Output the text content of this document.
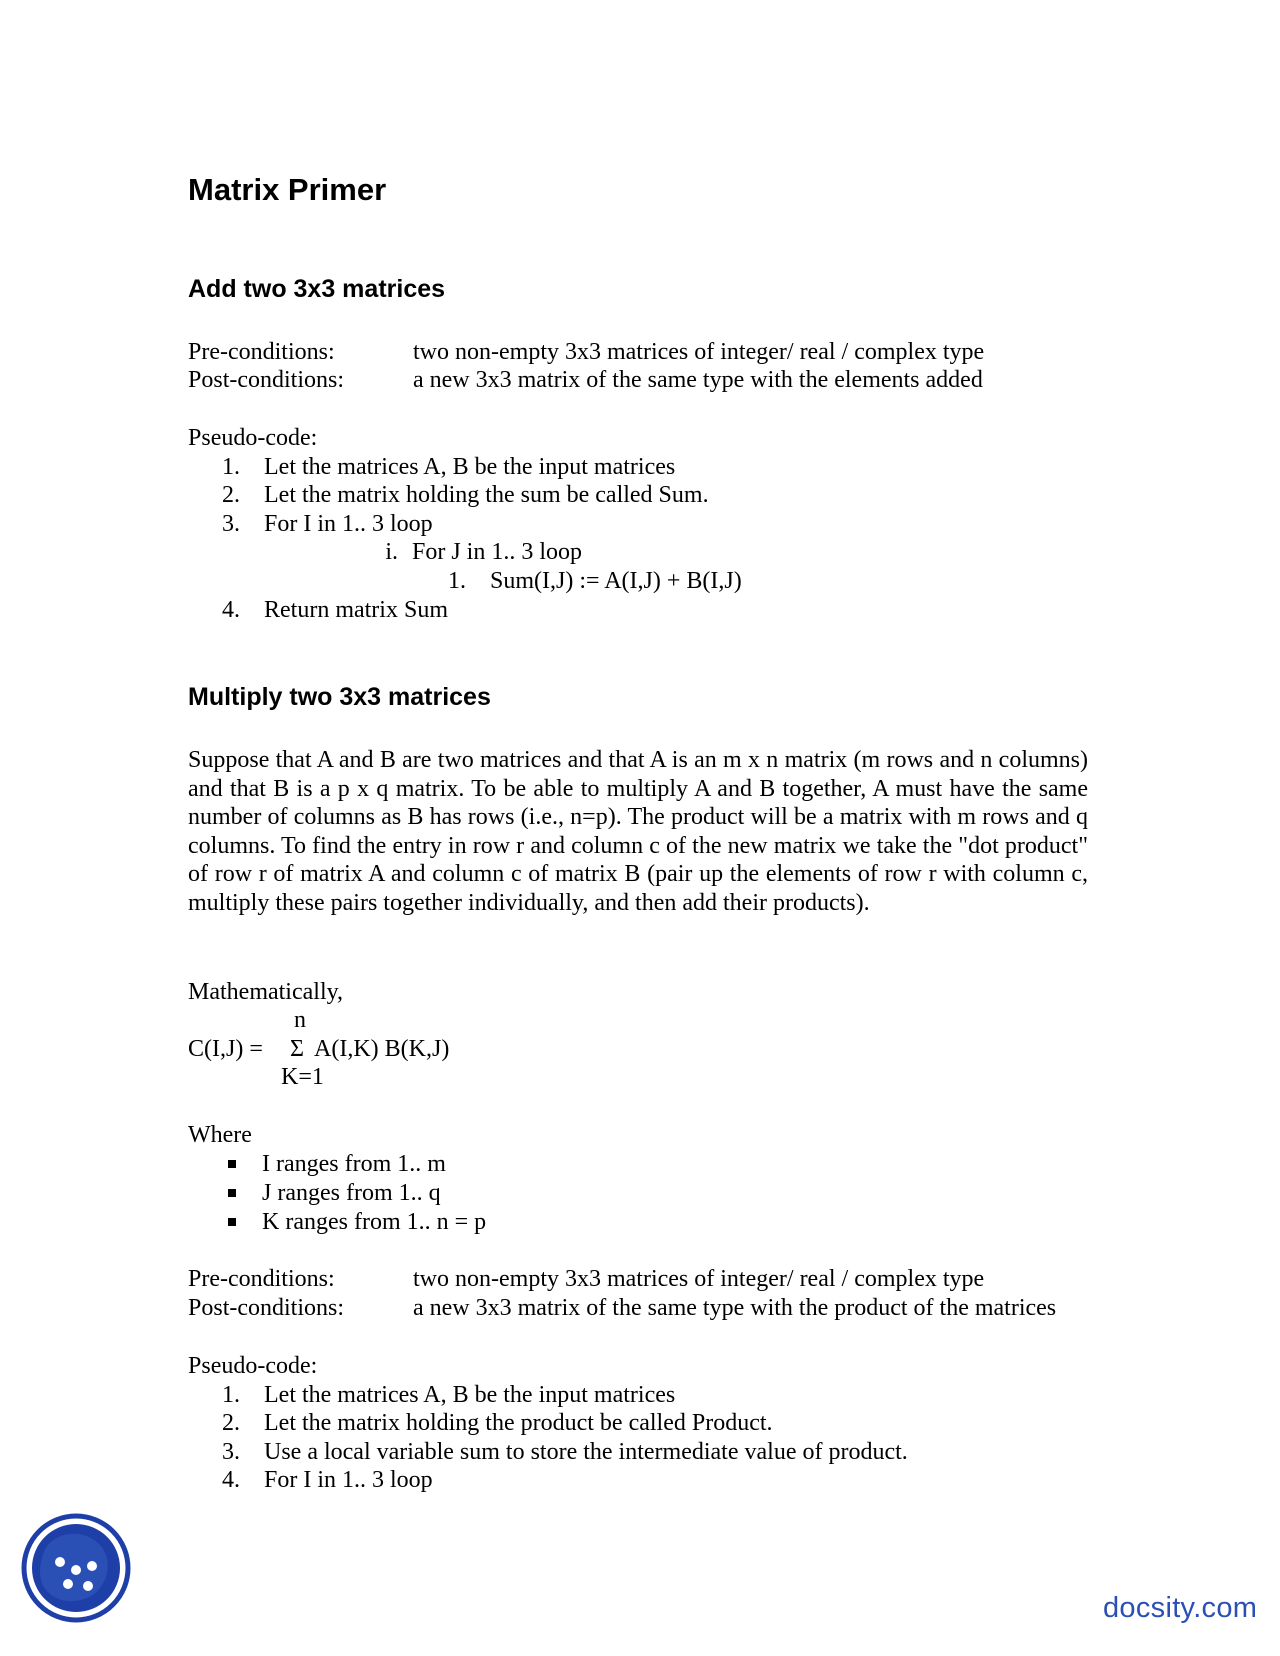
Matrix Primer
Add two 3x3 matrices
Pre-conditions:	two non-empty 3x3 matrices of integer/ real / complex type
Post-conditions:	a new 3x3 matrix of the same type with the elements added
Pseudo-code:
1. Let the matrices A, B be the input matrices
2. Let the matrix holding the sum be called Sum.
3. For I in 1.. 3 loop
i. For J in 1.. 3 loop
1. Sum(I,J) := A(I,J) + B(I,J)
4. Return matrix Sum
Multiply two 3x3 matrices

Suppose that A and B are two matrices and that A is an m x n matrix (m rows and n columns) and that B is a p x q matrix. To be able to multiply A and B together, A must have the same number of columns as B has rows (i.e., n=p). The product will be a matrix with m rows and q columns. To find the entry in row r and column c of the new matrix we take the "dot product" of row r of matrix A and column c of matrix B (pair up the elements of row r with column c, multiply these pairs together individually, and then add their products).

Mathematically,
n
C(I,J) = Σ A(I,K) B(K,J)
K=1
Where
I ranges from 1.. m
J ranges from 1.. q
K ranges from 1.. n = p
Pre-conditions:	two non-empty 3x3 matrices of integer/ real / complex type
Post-conditions:	a new 3x3 matrix of the same type with the product of the matrices
Pseudo-code:
1. Let the matrices A, B be the input matrices
2. Let the matrix holding the product be called Product.
3. Use a local variable sum to store the intermediate value of product.
4. For I in 1.. 3 loop
docsity.com
